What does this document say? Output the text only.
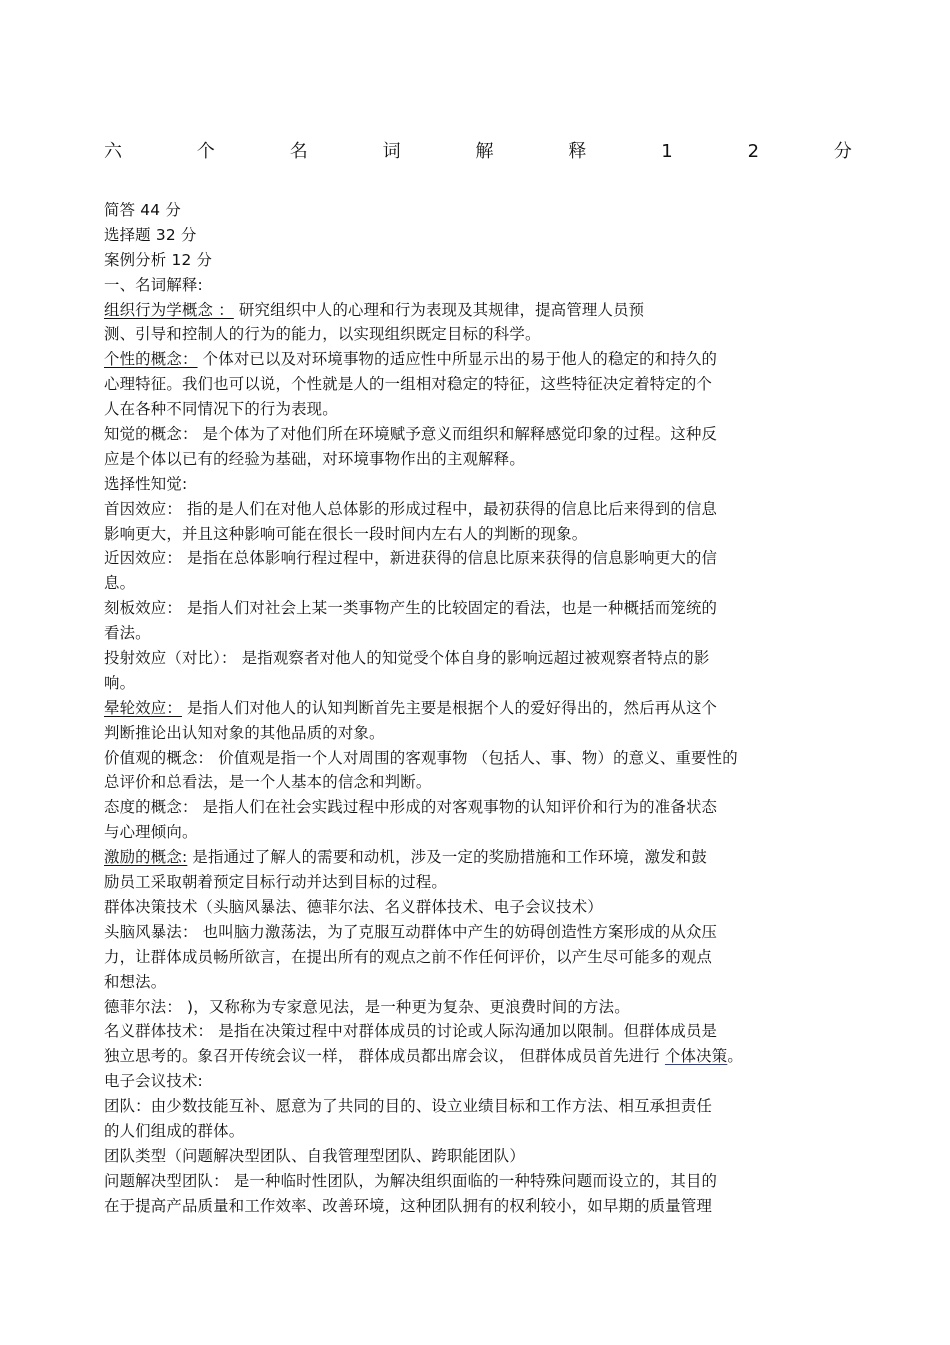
六	个	名	词	解	释	1	2	分
简答 44 分
选择题 32 分
案例分析 12 分
一、名词解释:
组织行为学概念 ： 研究组织中人的心理和行为表现及其规律，提高管理人员预
测、引导和控制人的行为的能力，以实现组织既定目标的科学。
个性的概念： 个体对已以及对环境事物的适应性中所显示出的易于他人的稳定的和持久的
心理特征。我们也可以说，个性就是人的一组相对稳定的特征，这些特征决定着特定的个
人在各种不同情况下的行为表现。
知觉的概念： 是个体为了对他们所在环境赋予意义而组织和解释感觉印象的过程。这种反
应是个体以已有的经验为基础，对环境事物作出的主观解释。
选择性知觉:
首因效应： 指的是人们在对他人总体影的形成过程中，最初获得的信息比后来得到的信息
影响更大，并且这种影响可能在很长一段时间内左右人的判断的现象。
近因效应： 是指在总体影响行程过程中，新进获得的信息比原来获得的信息影响更大的信
息。
刻板效应： 是指人们对社会上某一类事物产生的比较固定的看法，也是一种概括而笼统的
看法。
投射效应（对比）： 是指观察者对他人的知觉受个体自身的影响远超过被观察者特点的影
响。
晕轮效应： 是指人们对他人的认知判断首先主要是根据个人的爱好得出的，然后再从这个
判断推论出认知对象的其他品质的对象。
价值观的概念： 价值观是指一个人对周围的客观事物 （包括人、事、物）的意义、重要性的
总评价和总看法，是一个人基本的信念和判断。
态度的概念： 是指人们在社会实践过程中形成的对客观事物的认知评价和行为的准备状态
与心理倾向。
激励的概念: 是指通过了解人的需要和动机，涉及一定的奖励措施和工作环境，激发和鼓
励员工采取朝着预定目标行动并达到目标的过程。
群体决策技术（头脑风暴法、德菲尔法、名义群体技术、电子会议技术）
头脑风暴法： 也叫脑力激荡法，为了克服互动群体中产生的妨碍创造性方案形成的从众压
力，让群体成员畅所欲言，在提出所有的观点之前不作任何评价，以产生尽可能多的观点
和想法。
德菲尔法： )，又称称为专家意见法，是一种更为复杂、更浪费时间的方法。
名义群体技术： 是指在决策过程中对群体成员的讨论或人际沟通加以限制。但群体成员是
独立思考的。象召开传统会议一样， 群体成员都出席会议， 但群体成员首先进行 个体决策。
电子会议技术:
团队：由少数技能互补、愿意为了共同的目的、设立业绩目标和工作方法、相互承担责任
的人们组成的群体。
团队类型（问题解决型团队、自我管理型团队、跨职能团队）
问题解决型团队： 是一种临时性团队，为解决组织面临的一种特殊问题而设立的，其目的
在于提高产品质量和工作效率、改善环境，这种团队拥有的权利较小，如早期的质量管理
